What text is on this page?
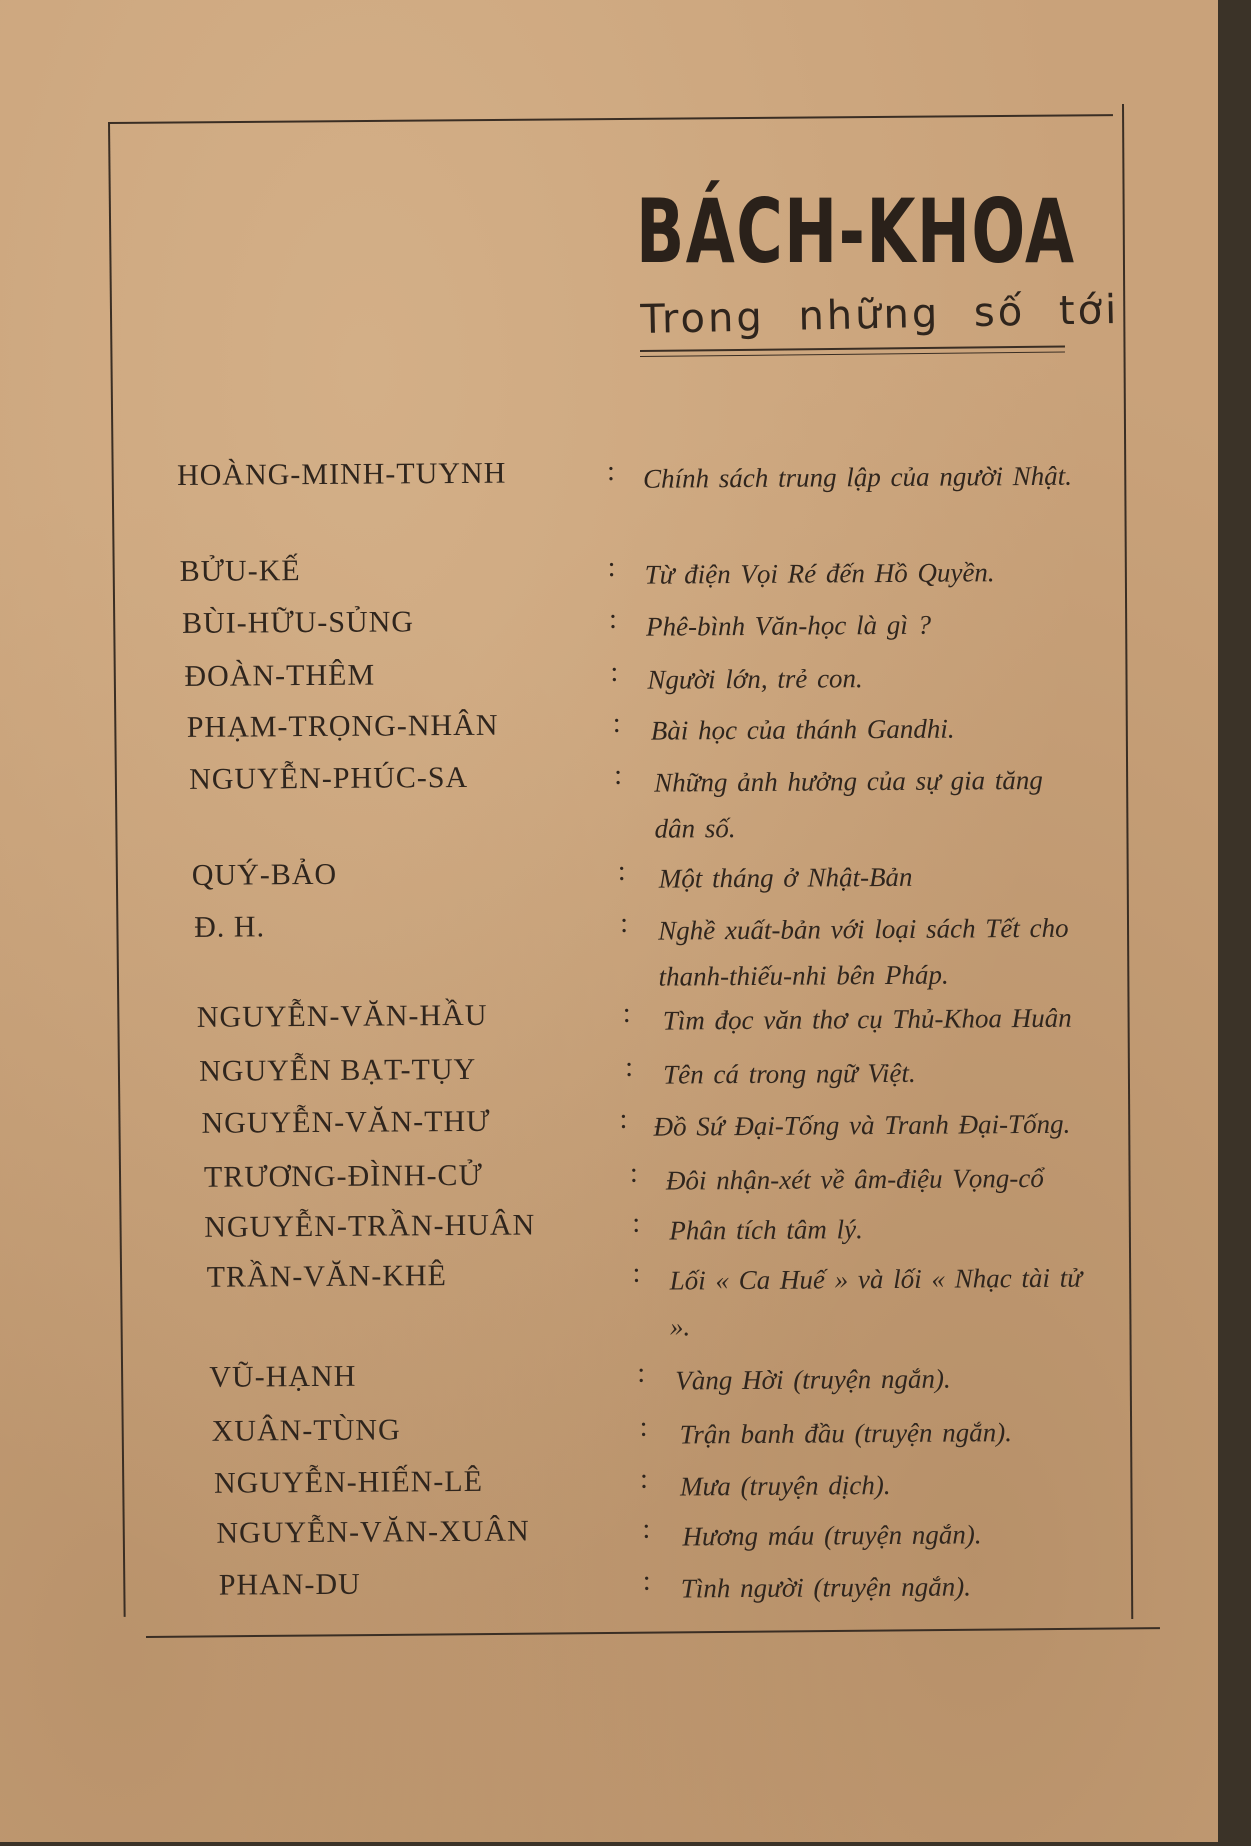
BÁCH-KHOA
Trong những số tới
HOÀNG-MINH-TUYNH	: Chính sách trung lập của người Nhật.
BỬU-KẾ	: Từ điện Vọi Ré đến Hồ Quyền.
BÙI-HỮU-SỦNG	: Phê-bình Văn-học là gì ?
ĐOÀN-THÊM	: Người lớn, trẻ con.
PHẠM-TRỌNG-NHÂN	: Bài học của thánh Gandhi.
NGUYỄN-PHÚC-SA	: Những ảnh hưởng của sự gia tăng dân số.
QUÝ-BẢO	: Một tháng ở Nhật-Bản
Đ. H.	: Nghề xuất-bản với loại sách Tết cho thanh-thiếu-nhi bên Pháp.
NGUYỄN-VĂN-HẦU	: Tìm đọc văn thơ cụ Thủ-Khoa Huân
NGUYỄN BẠT-TỤY	: Tên cá trong ngữ Việt.
NGUYỄN-VĂN-THƯ	: Đồ Sứ Đại-Tống và Tranh Đại-Tống.
TRƯƠNG-ĐÌNH-CỬ	: Đôi nhận-xét về âm-điệu Vọng-cổ
NGUYỄN-TRẦN-HUÂN	: Phân tích tâm lý.
TRẦN-VĂN-KHÊ	: Lối « Ca Huế » và lối « Nhạc tài tử ».
VŨ-HẠNH	: Vàng Hời (truyện ngắn).
XUÂN-TÙNG	: Trận banh đầu (truyện ngắn).
NGUYỄN-HIẾN-LÊ	: Mưa (truyện dịch).
NGUYỄN-VĂN-XUÂN	: Hương máu (truyện ngắn).
PHAN-DU	: Tình người (truyện ngắn).
